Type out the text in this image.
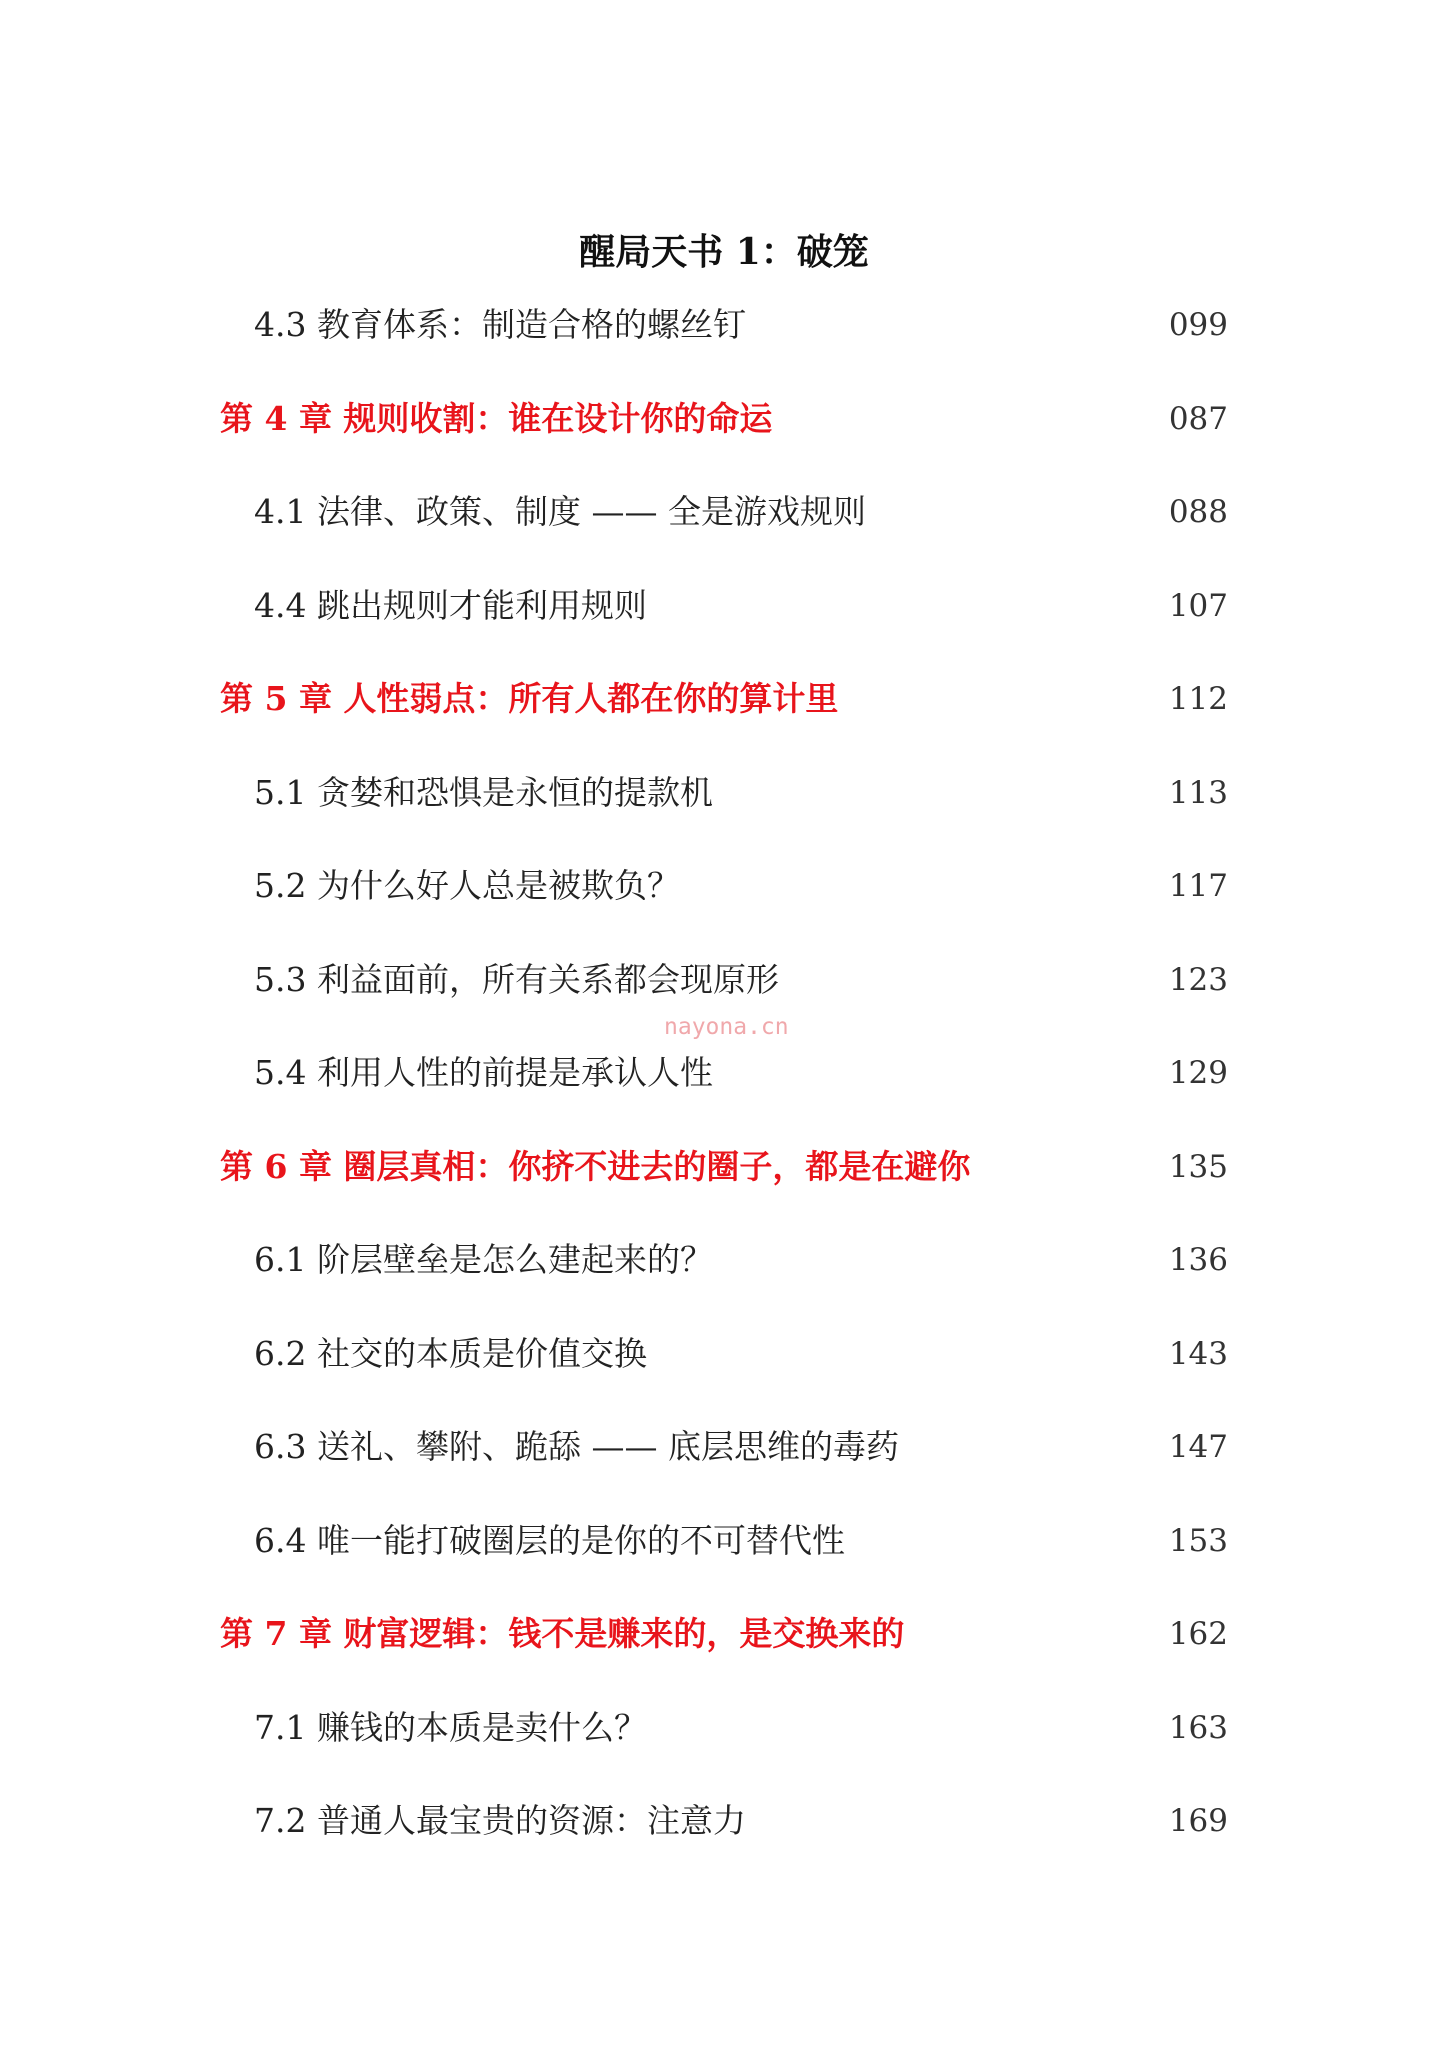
醒局天书 1：破笼
4.3 教育体系：制造合格的螺丝钉	099
第 4 章 规则收割：谁在设计你的命运	087
4.1 法律、政策、制度 —— 全是游戏规则	088
4.4 跳出规则才能利用规则	107
第 5 章 人性弱点：所有人都在你的算计里	112
5.1 贪婪和恐惧是永恒的提款机	113
5.2 为什么好人总是被欺负？	117
5.3 利益面前，所有关系都会现原形	123
5.4 利用人性的前提是承认人性	129
第 6 章 圈层真相：你挤不进去的圈子，都是在避你	135
6.1 阶层壁垒是怎么建起来的？	136
6.2 社交的本质是价值交换	143
6.3 送礼、攀附、跪舔 —— 底层思维的毒药	147
6.4 唯一能打破圈层的是你的不可替代性	153
第 7 章 财富逻辑：钱不是赚来的，是交换来的	162
7.1 赚钱的本质是卖什么？	163
7.2 普通人最宝贵的资源：注意力	169
nayona.cn
